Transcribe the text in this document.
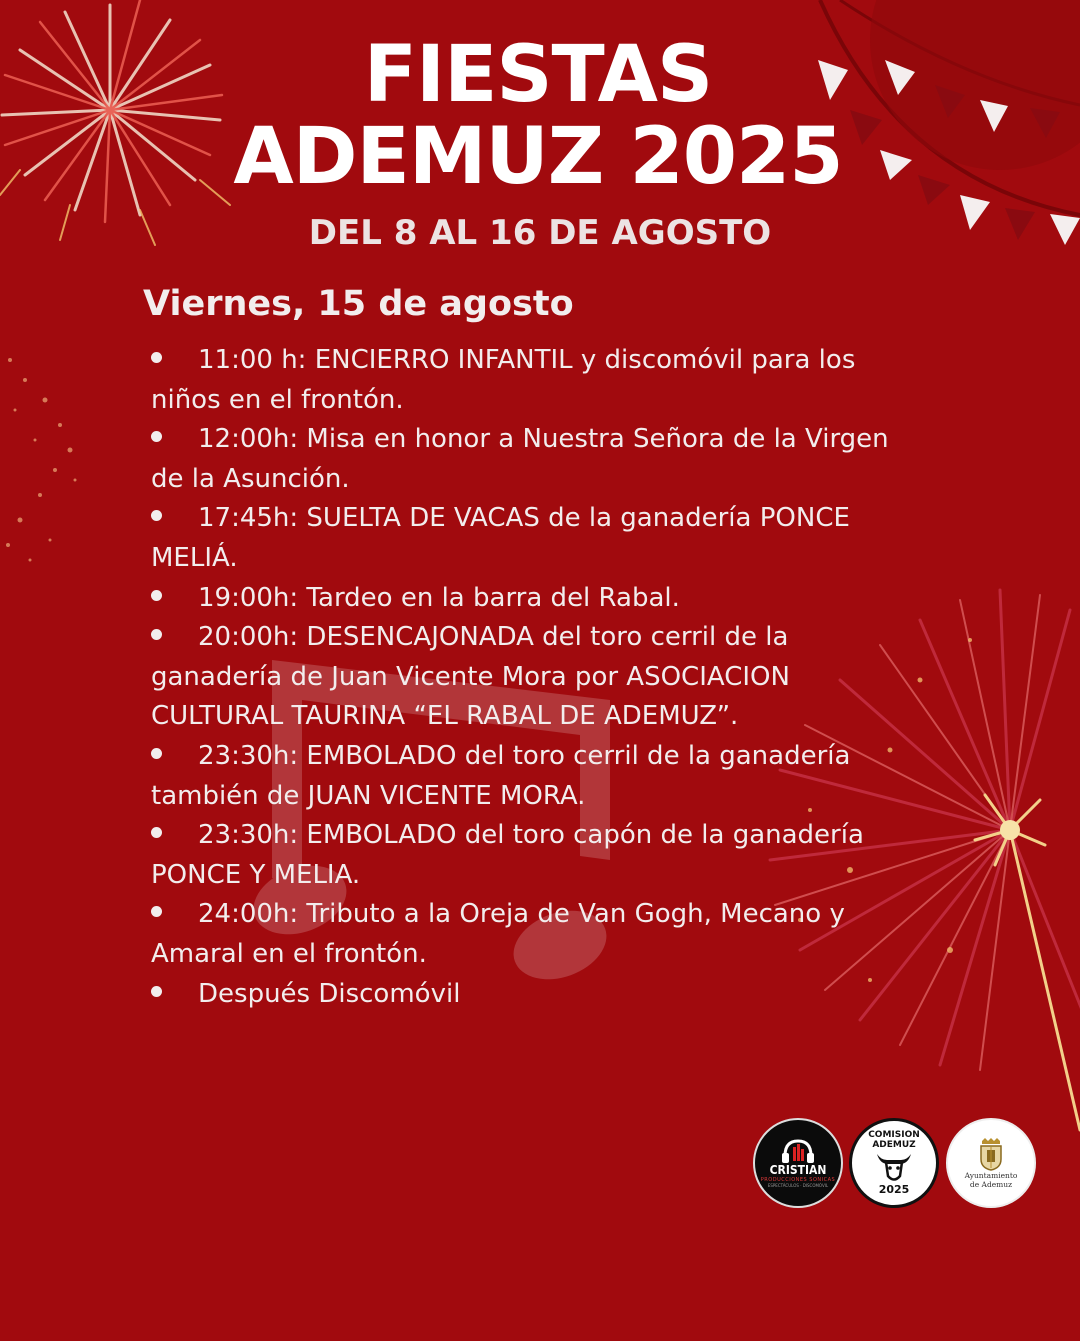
FIESTAS
ADEMUZ 2025
DEL 8 AL 16 DE AGOSTO
Viernes, 15 de agosto
11:00 h: ENCIERRO INFANTIL y discomóvil para los
niños en el frontón.
12:00h: Misa en honor a Nuestra Señora de la Virgen
de la Asunción.
17:45h: SUELTA DE VACAS de la ganadería PONCE
MELIÁ.
19:00h: Tardeo en la barra del Rabal.
20:00h: DESENCAJONADA del toro cerril de la
ganadería de Juan Vicente Mora por ASOCIACION
CULTURAL TAURINA “EL RABAL DE ADEMUZ”.
23:30h: EMBOLADO del toro cerril de la ganadería
también de JUAN VICENTE MORA.
23:30h: EMBOLADO del toro capón de la ganadería
PONCE Y MELIA.
24:00h: Tributo a la Oreja de Van Gogh, Mecano y
Amaral en el frontón.
Después Discomóvil
CRISTIAN
PRODUCCIONES SONICAS
ESPECTÁCULOS · DISCOMÓVIL
COMISION ADEMUZ
2025
Ayuntamiento
de Ademuz
